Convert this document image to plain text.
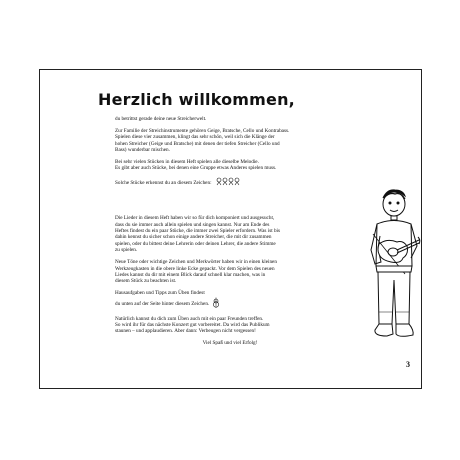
Herzlich willkommen,

du betrittst gerade deine neue Streicherwelt.

Zur Familie der Streichinstrumente gehören Geige, Bratsche, Cello und Kontrabass.
Spielen diese vier zusammen, klingt das sehr schön, weil sich die Klänge der
hohen Streicher (Geige und Bratsche) mit denen der tiefen Streicher (Cello und
Bass) wunderbar mischen.

Bei sehr vielen Stücken in diesem Heft spielen alle dieselbe Melodie.
Es gibt aber auch Stücke, bei denen eine Gruppe etwas Anderes spielen muss.

Solche Stücke erkennst du an diesem Zeichen:

Die Lieder in diesem Heft haben wir so für dich komponiert und ausgesucht,
dass du sie immer auch allein spielen und singen kannst. Nur am Ende des
Heftes findest du ein paar Stücke, die immer zwei Spieler erfordern. Was ist bis
dahin kennst du sicher schon einige andere Streicher, die mit dir zusammen
spielen, oder du bittest deine Lehrerin oder deinen Lehrer, die andere Stimme
zu spielen.

Neue Töne oder wichtige Zeichen und Merkwörter haben wir in einen kleinen
Werkzeugkasten in die obere linke Ecke gepackt. Vor dem Spielen des neuen
Liedes kannst du dir mit einem Blick darauf schnell klar machen, was in
diesem Stück zu beachten ist.

Hausaufgaben und Tipps zum Üben findest
du unten auf der Seite hinter diesem Zeichen.

Natürlich kannst du dich zum Üben auch mit ein paar Freunden treffen.
So wird ihr für das nächste Konzert gut vorbereitet. Da wird das Publikum
staunen – und applaudieren. Aber dann: Verbeugen nicht vergessen!

Viel Spaß und viel Erfolg!

3
